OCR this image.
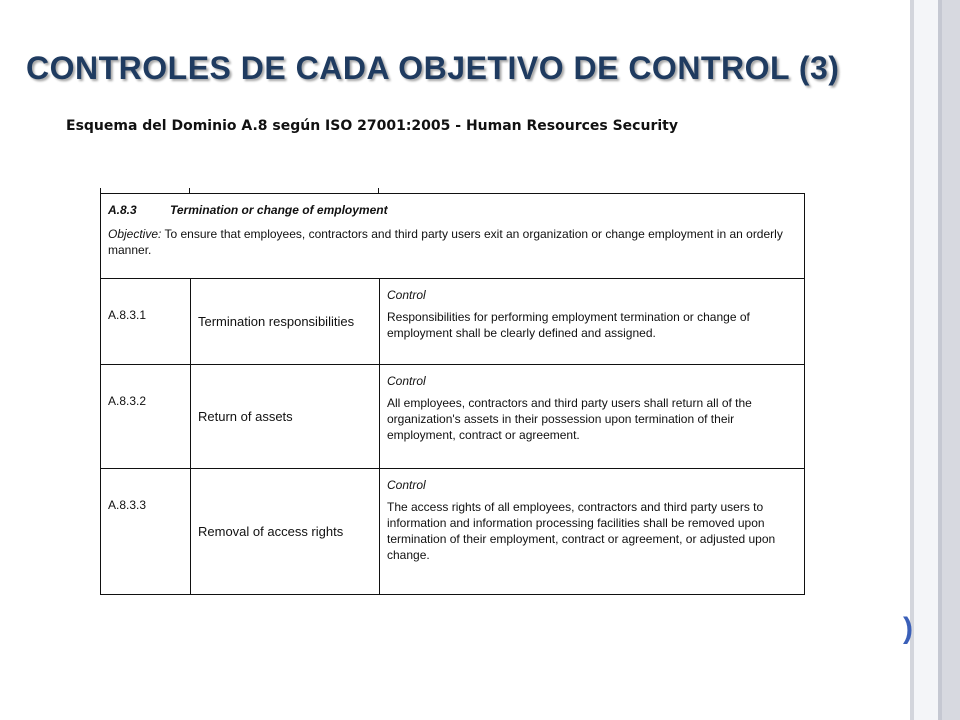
CONTROLES DE CADA OBJETIVO DE CONTROL (3)
Esquema del Dominio A.8 según ISO 27001:2005 - Human Resources Security
)
A.8.3 Termination or change of employment
Objective: To ensure that employees, contractors and third party users exit an organization or change employment in an orderly manner.		

A.8.3.1	Termination responsibilities	Control
Responsibilities for performing employment termination or change of employment shall be clearly defined and assigned.

A.8.3.2	Return of assets	Control
All employees, contractors and third party users shall return all of the organization's assets in their possession upon termination of their employment, contract or agreement.

A.8.3.3	Removal of access rights	Control
The access rights of all employees, contractors and third party users to information and information processing facilities shall be removed upon termination of their employment, contract or agreement, or adjusted upon change.
